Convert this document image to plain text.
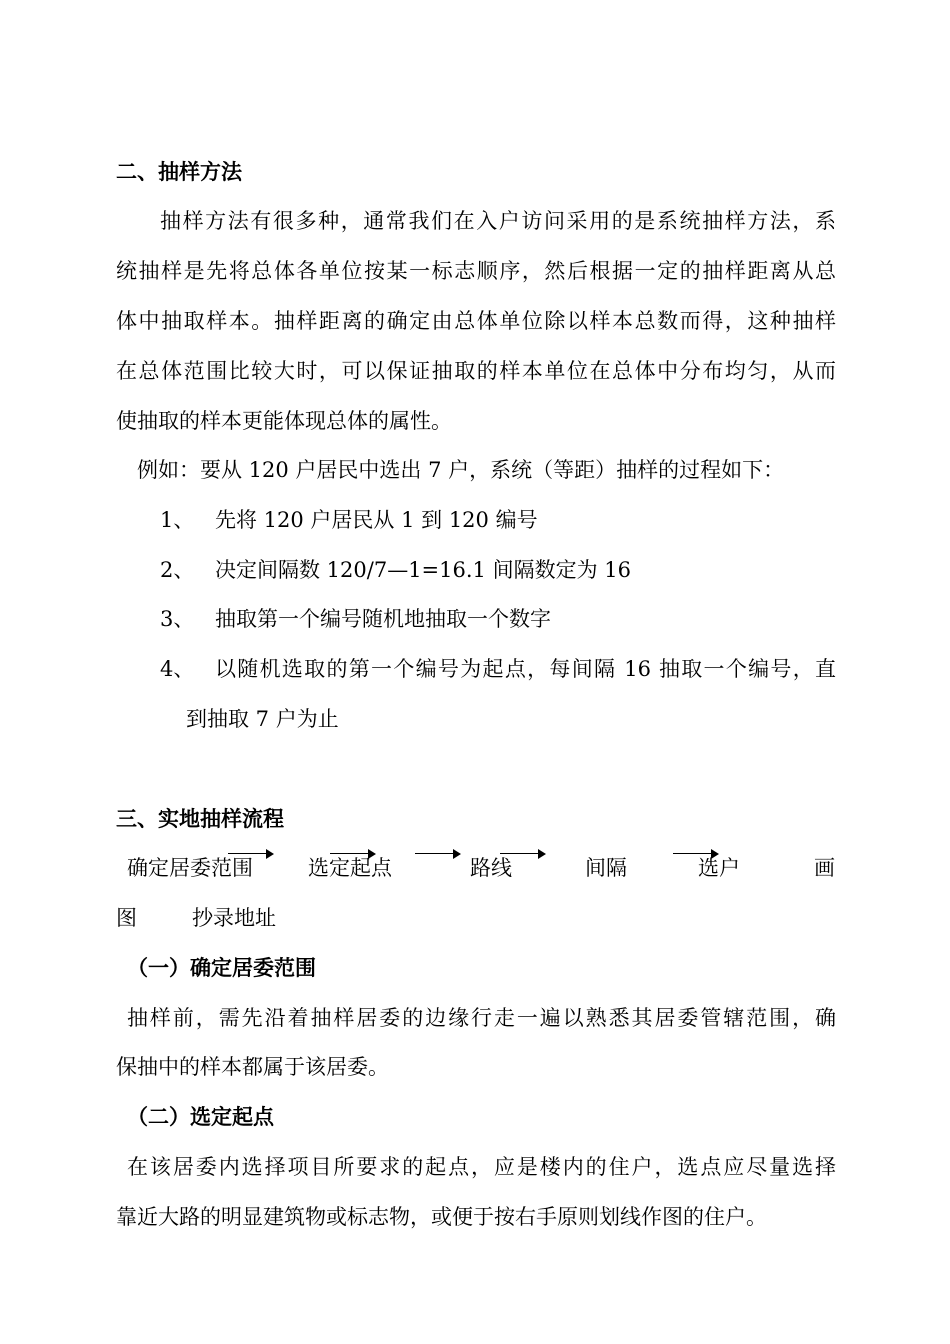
二、抽样方法
抽样方法有很多种，通常我们在入户访问采用的是系统抽样方法，系
统抽样是先将总体各单位按某一标志顺序，然后根据一定的抽样距离从总
体中抽取样本。抽样距离的确定由总体单位除以样本总数而得，这种抽样
在总体范围比较大时，可以保证抽取的样本单位在总体中分布均匀，从而
使抽取的样本更能体现总体的属性。
例如：要从 120 户居民中选出 7 户，系统（等距）抽样的过程如下：
1、 先将 120 户居民从 1 到 120 编号
2、 决定间隔数 120/7—1=16.1 间隔数定为 16
3、 抽取第一个编号随机地抽取一个数字
4、 以随机选取的第一个编号为起点，每间隔 16 抽取一个编号，直
到抽取 7 户为止
三、实地抽样流程
确定居委范围	选定起点	路线	间隔	选户	画
图	抄录地址
（一）确定居委范围
抽样前，需先沿着抽样居委的边缘行走一遍以熟悉其居委管辖范围，确
保抽中的样本都属于该居委。
（二）选定起点
在该居委内选择项目所要求的起点，应是楼内的住户，选点应尽量选择
靠近大路的明显建筑物或标志物，或便于按右手原则划线作图的住户。
